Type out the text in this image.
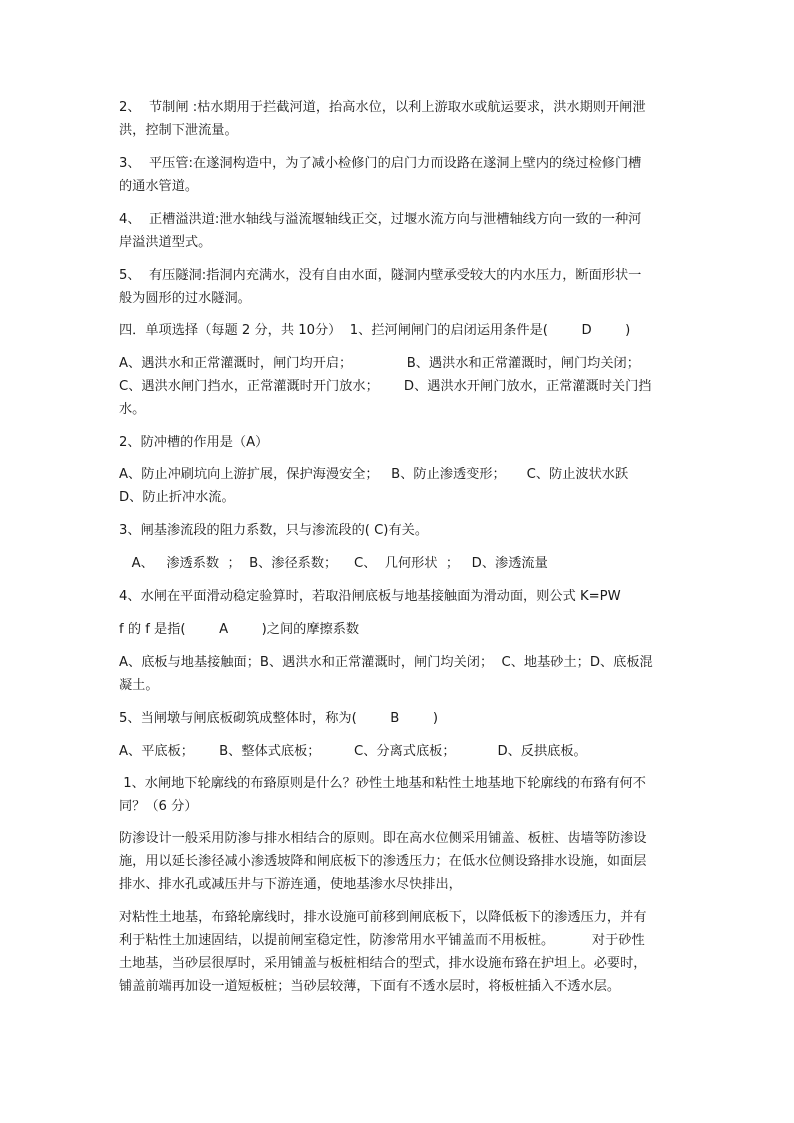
2、  节制闸 :枯水期用于拦截河道，抬高水位，以利上游取水或航运要求，洪水期则开闸泄

洪，控制下泄流量。

3、  平压管:在遂洞构造中，为了减小检修门的启门力而设路在遂洞上壁内的绕过检修门槽

的通水管道。

4、  正槽溢洪道:泄水轴线与溢流堰轴线正交，过堰水流方向与泄槽轴线方向一致的一种河

岸溢洪道型式。

5、  有压隧洞:指洞内充满水，没有自由水面，隧洞内壁承受较大的内水压力，断面形状一

般为圆形的过水隧洞。

四．单项选择（每题 2 分，共 10分）  1、拦河闸闸门的启闭运用条件是(        D        )

A、遇洪水和正常灌溉时，闸门均开启；             B、遇洪水和正常灌溉时，闸门均关闭；

C、遇洪水闸门挡水，正常灌溉时开门放水；      D、遇洪水开闸门放水，正常灌溉时关门挡

水。

2、防冲槽的作用是（A）

A、防止冲刷坑向上游扩展，保护海漫安全；   B、防止渗透变形；     C、防止波状水跃

D、防止折冲水流。

3、闸基渗流段的阻力系数，只与渗流段的( C)有关。

A、   渗透系数  ；  B、渗径系数；    C、  几何形状  ；   D、渗透流量

4、水闸在平面滑动稳定验算时，若取沿闸底板与地基接触面为滑动面，则公式 K=PW

f 的 f 是指(        A        )之间的摩擦系数

A、底板与地基接触面；B、遇洪水和正常灌溉时，闸门均关闭；  C、地基砂土；D、底板混

凝土。

5、当闸墩与闸底板砌筑成整体时，称为(        B        )

A、平底板；      B、整体式底板；        C、分离式底板；          D、反拱底板。

1、水闸地下轮廓线的布臵原则是什么？砂性土地基和粘性土地基地下轮廓线的布臵有何不

同？（6 分）

防渗设计一般采用防渗与排水相结合的原则。即在高水位侧采用铺盖、板桩、齿墙等防渗设

施，用以延长渗径减小渗透坡降和闸底板下的渗透压力；在低水位侧设臵排水设施，如面层

排水、排水孔或减压井与下游连通，使地基渗水尽快排出，

对粘性土地基，布臵轮廓线时，排水设施可前移到闸底板下，以降低板下的渗透压力，并有

利于粘性土加速固结，以提前闸室稳定性，防渗常用水平铺盖而不用板桩。         对于砂性

土地基，当砂层很厚时，采用铺盖与板桩相结合的型式，排水设施布臵在护坦上。必要时，

铺盖前端再加设一道短板桩；当砂层较薄，下面有不透水层时，将板桩插入不透水层。
